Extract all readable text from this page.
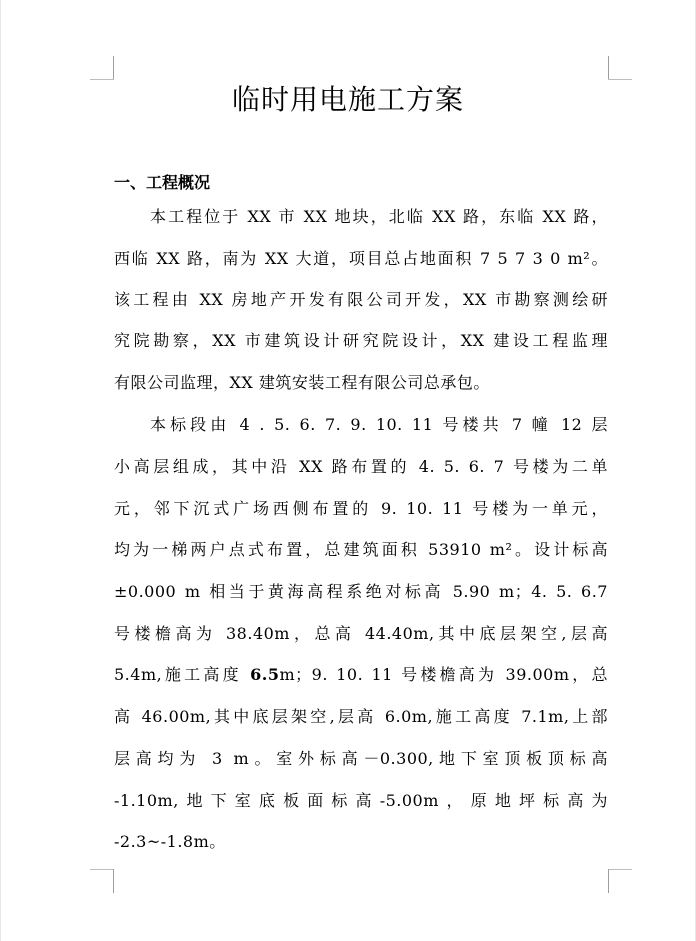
临时用电施工方案
一、工程概况
本工程位于 XX 市 XX 地块，北临 XX 路，东临 XX 路，
西临 XX 路，南为 XX 大道，项目总占地面积 7 5 7 3 0 m²。
该工程由 XX 房地产开发有限公司开发，XX 市勘察测绘研
究院勘察，XX 市建筑设计研究院设计，XX 建设工程监理
有限公司监理，XX 建筑安装工程有限公司总承包。
本标段由 4 . 5. 6. 7. 9. 10. 11 号楼共 7 幢 12 层
小高层组成，其中沿 XX 路布置的 4. 5. 6. 7 号楼为二单
元，邻下沉式广场西侧布置的 9. 10. 11 号楼为一单元，
均为一梯两户点式布置，总建筑面积 53910 m²。设计标高
±0.000 m 相当于黄海高程系绝对标高 5.90 m；4. 5. 6.7
号楼檐高为 38.40m，总高 44.40m,其中底层架空,层高
5.4m,施工高度 6.5m；9. 10. 11 号楼檐高为 39.00m，总
高 46.00m,其中底层架空,层高 6.0m,施工高度 7.1m,上部
层高均为 3 m。室外标高－0.300,地下室顶板顶标高
-1.10m,地下室底板面标高-5.00m，原地坪标高为
-2.3~-1.8m。
